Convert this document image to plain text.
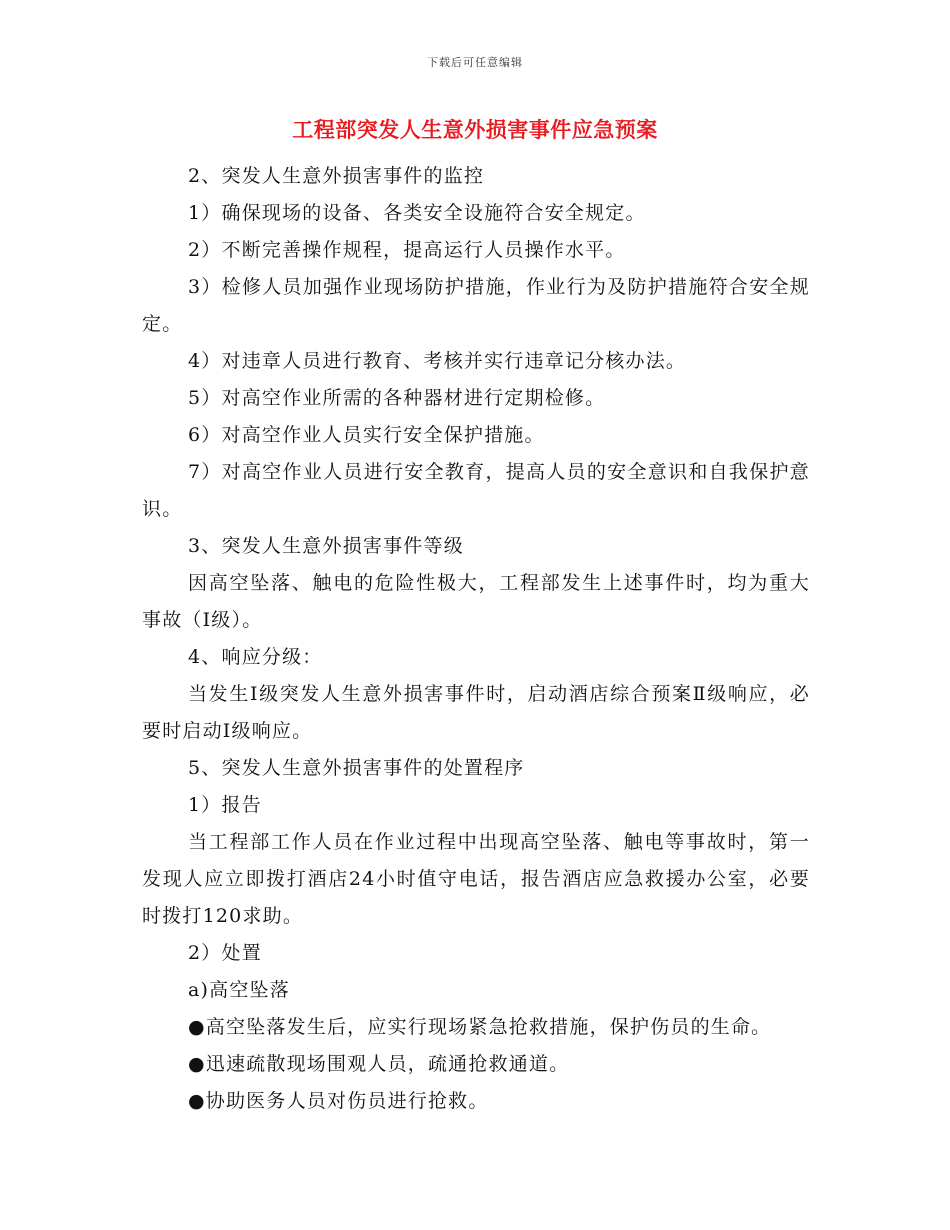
下载后可任意编辑
工程部突发人生意外损害事件应急预案

2、突发人生意外损害事件的监控

1）确保现场的设备、各类安全设施符合安全规定。

2）不断完善操作规程，提高运行人员操作水平。

3）检修人员加强作业现场防护措施，作业行为及防护措施符合安全规定。

4）对违章人员进行教育、考核并实行违章记分核办法。

5）对高空作业所需的各种器材进行定期检修。

6）对高空作业人员实行安全保护措施。

7）对高空作业人员进行安全教育，提高人员的安全意识和自我保护意识。

3、突发人生意外损害事件等级

因高空坠落、触电的危险性极大，工程部发生上述事件时，均为重大事故（Ⅰ级）。

4、响应分级：

当发生Ⅰ级突发人生意外损害事件时，启动酒店综合预案Ⅱ级响应，必要时启动Ⅰ级响应。

5、突发人生意外损害事件的处置程序

1）报告

当工程部工作人员在作业过程中出现高空坠落、触电等事故时，第一发现人应立即拨打酒店24小时值守电话，报告酒店应急救援办公室，必要时拨打120求助。

2）处置

a)高空坠落

●高空坠落发生后，应实行现场紧急抢救措施，保护伤员的生命。

●迅速疏散现场围观人员，疏通抢救通道。

●协助医务人员对伤员进行抢救。
